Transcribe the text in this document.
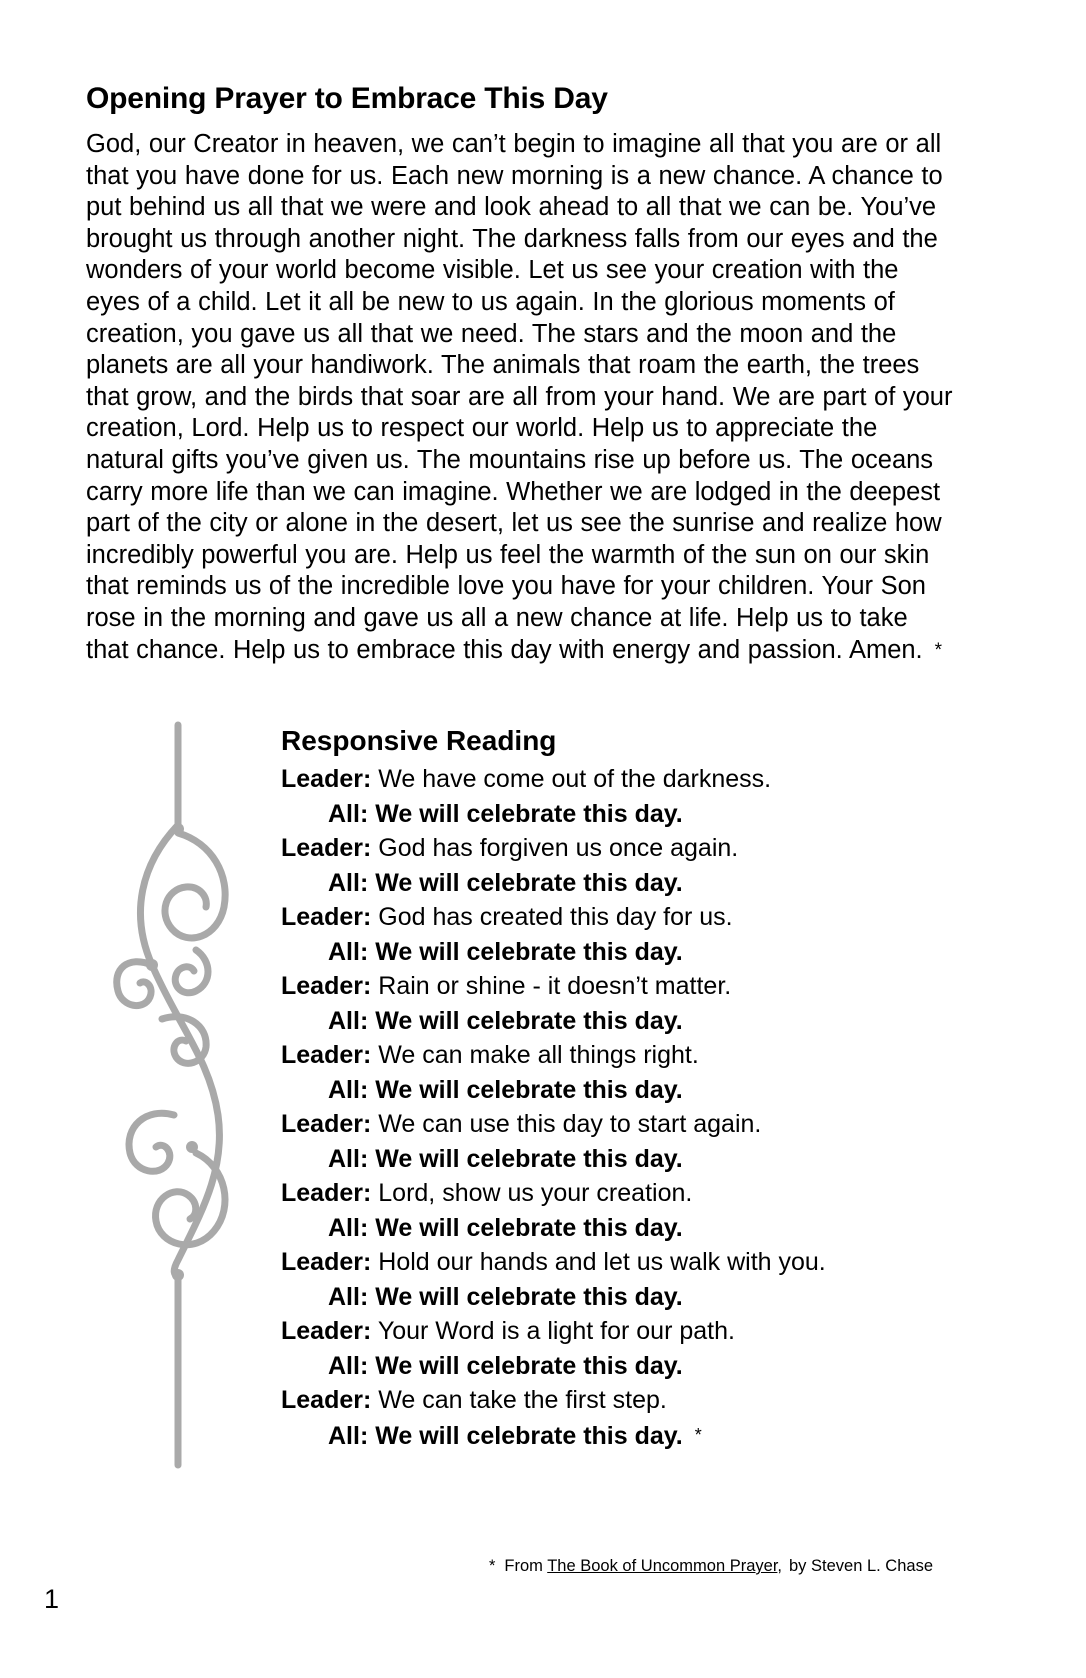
Opening Prayer to Embrace This Day

God, our Creator in heaven, we can’t begin to imagine all that you are or all that you have done for us. Each new morning is a new chance. A chance to put behind us all that we were and look ahead to all that we can be. You’ve brought us through another night. The darkness falls from our eyes and the wonders of your world become visible. Let us see your creation with the eyes of a child. Let it all be new to us again. In the glorious moments of creation, you gave us all that we need. The stars and the moon and the planets are all your handiwork. The animals that roam the earth, the trees that grow, and the birds that soar are all from your hand. We are part of your creation, Lord. Help us to respect our world. Help us to appreciate the natural gifts you’ve given us. The mountains rise up before us. The oceans carry more life than we can imagine. Whether we are lodged in the deepest part of the city or alone in the desert, let us see the sunrise and realize how incredibly powerful you are. Help us feel the warmth of the sun on our skin that reminds us of the incredible love you have for your children. Your Son rose in the morning and gave us all a new chance at life. Help us to take that chance. Help us to embrace this day with energy and passion. Amen. *

Responsive Reading
Leader: We have come out of the darkness.
All: We will celebrate this day.
Leader: God has forgiven us once again.
All: We will celebrate this day.
Leader: God has created this day for us.
All: We will celebrate this day.
Leader: Rain or shine - it doesn’t matter.
All: We will celebrate this day.
Leader: We can make all things right.
All: We will celebrate this day.
Leader: We can use this day to start again.
All: We will celebrate this day.
Leader: Lord, show us your creation.
All: We will celebrate this day.
Leader: Hold our hands and let us walk with you.
All: We will celebrate this day.
Leader: Your Word is a light for our path.
All: We will celebrate this day.
Leader: We can take the first step.
All: We will celebrate this day. *
* From The Book of Uncommon Prayer, by Steven L. Chase
1
